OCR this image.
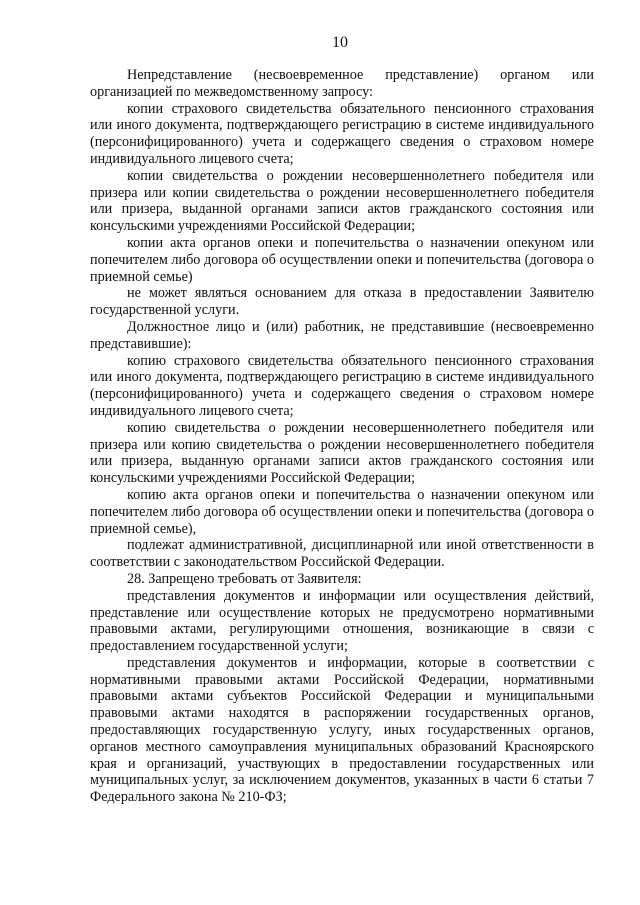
10

Непредставление (несвоевременное представление) органом или организацией по межведомственному запросу:

копии страхового свидетельства обязательного пенсионного страхования или иного документа, подтверждающего регистрацию в системе индивидуального (персонифицированного) учета и содержащего сведения о страховом номере индивидуального лицевого счета;

копии свидетельства о рождении несовершеннолетнего победителя или призера или копии свидетельства о рождении несовершеннолетнего победителя или призера, выданной органами записи актов гражданского состояния или консульскими учреждениями Российской Федерации;

копии акта органов опеки и попечительства о назначении опекуном или попечителем либо договора об осуществлении опеки и попечительства (договора о приемной семье)

не может являться основанием для отказа в предоставлении Заявителю государственной услуги.

Должностное лицо и (или) работник, не представившие (несвоевременно представившие):

копию страхового свидетельства обязательного пенсионного страхования или иного документа, подтверждающего регистрацию в системе индивидуального (персонифицированного) учета и содержащего сведения о страховом номере индивидуального лицевого счета;

копию свидетельства о рождении несовершеннолетнего победителя или призера или копию свидетельства о рождении несовершеннолетнего победителя или призера, выданную органами записи актов гражданского состояния или консульскими учреждениями Российской Федерации;

копию акта органов опеки и попечительства о назначении опекуном или попечителем либо договора об осуществлении опеки и попечительства (договора о приемной семье),

подлежат административной, дисциплинарной или иной ответственности в соответствии с законодательством Российской Федерации.

28. Запрещено требовать от Заявителя:

представления документов и информации или осуществления действий, представление или осуществление которых не предусмотрено нормативными правовыми актами, регулирующими отношения, возникающие в связи с предоставлением государственной услуги;

представления документов и информации, которые в соответствии с нормативными правовыми актами Российской Федерации, нормативными правовыми актами субъектов Российской Федерации и муниципальными правовыми актами находятся в распоряжении государственных органов, предоставляющих государственную услугу, иных государственных органов, органов местного самоуправления муниципальных образований Красноярского края и организаций, участвующих в предоставлении государственных или муниципальных услуг, за исключением документов, указанных в части 6 статьи 7 Федерального закона № 210-ФЗ;
